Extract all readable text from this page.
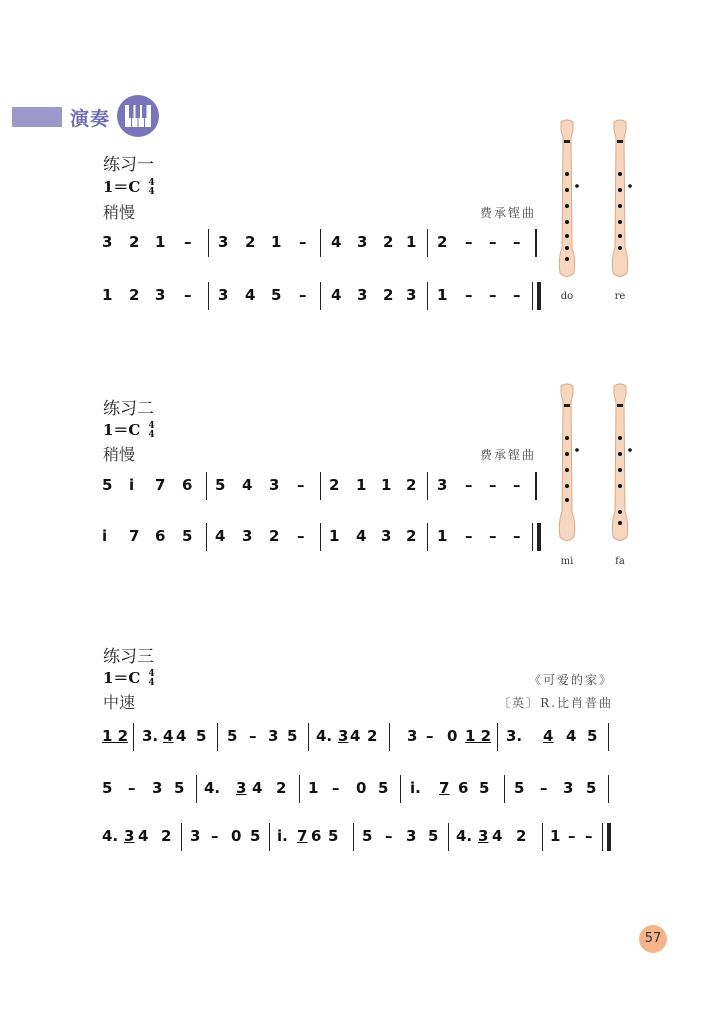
演奏
练习一
1＝C 4
4
稍慢	费承铿曲
3 2 1 – 3 2 1 – 4 3 2 1 2 – – –
1 2 3 – 3 4 5 – 4 3 2 3 1 – – –	do	re
练习二
1＝C 4
4
稍慢	费承铿曲
5 i 7 6 5 4 3 – 2 1 1 2 3 – – –
i 7 6 5 4 3 2 – 1 4 3 2 1 – – –
mi	fa
练习三
1＝C 4
4
中速
《可爱的家》
〔英〕R.比肖普曲
1 2 3. 4 4 5 5 – 3 5 4. 3 4 2 3 – 0 1 2 3. 4 4 5
5 – 3 5 4. 3 4 2 1 – 0 5 i. 7 6 5 5 – 3 5
4. 3 4 2 3 – 0 5 i. 7 6 5 5 – 3 5 4. 3 4 2 1 – –
57
